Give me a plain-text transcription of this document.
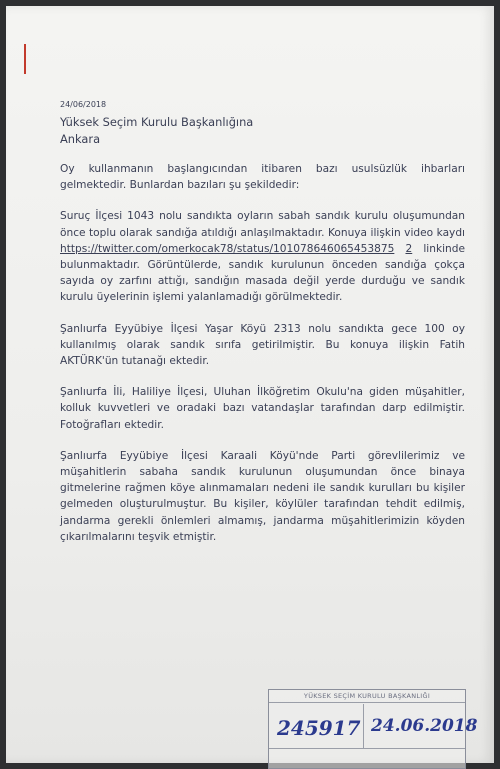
24/06/2018
Yüksek Seçim Kurulu Başkanlığına
Ankara

Oy kullanmanın başlangıcından itibaren bazı usulsüzlük ihbarları gelmektedir. Bunlardan bazıları şu şekildedir:

Suruç İlçesi 1043 nolu sandıkta oyların sabah sandık kurulu oluşumundan önce toplu olarak sandığa atıldığı anlaşılmaktadır. Konuya ilişkin video kaydı https://twitter.com/omerkocak78/status/101078646065453875 2 linkinde bulunmaktadır. Görüntülerde, sandık kurulunun önceden sandığa çokça sayıda oy zarfını attığı, sandığın masada değil yerde durduğu ve sandık kurulu üyelerinin işlemi yalanlamadığı görülmektedir.

Şanlıurfa Eyyübiye İlçesi Yaşar Köyü 2313 nolu sandıkta gece 100 oy kullanılmış olarak sandık sırıfa getirilmiştir. Bu konuya ilişkin Fatih AKTÜRK'ün tutanağı ektedir.

Şanlıurfa İli, Haliliye İlçesi, Uluhan İlköğretim Okulu'na giden müşahitler, kolluk kuvvetleri ve oradaki bazı vatandaşlar tarafından darp edilmiştir. Fotoğrafları ektedir.

Şanlıurfa Eyyübiye İlçesi Karaali Köyü'nde Parti görevlilerimiz ve müşahitlerin sabaha sandık kurulunun oluşumundan önce binaya gitmelerine rağmen köye alınmamaları nedeni ile sandık kurulları bu kişiler gelmeden oluşturulmuştur. Bu kişiler, köylüler tarafından tehdit edilmiş, jandarma gerekli önlemleri almamış, jandarma müşahitlerimizin köyden çıkarılmalarını teşvik etmiştir.

YÜKSEK SEÇİM KURULU BAŞKANLIĞI
245917 24.06.2018
